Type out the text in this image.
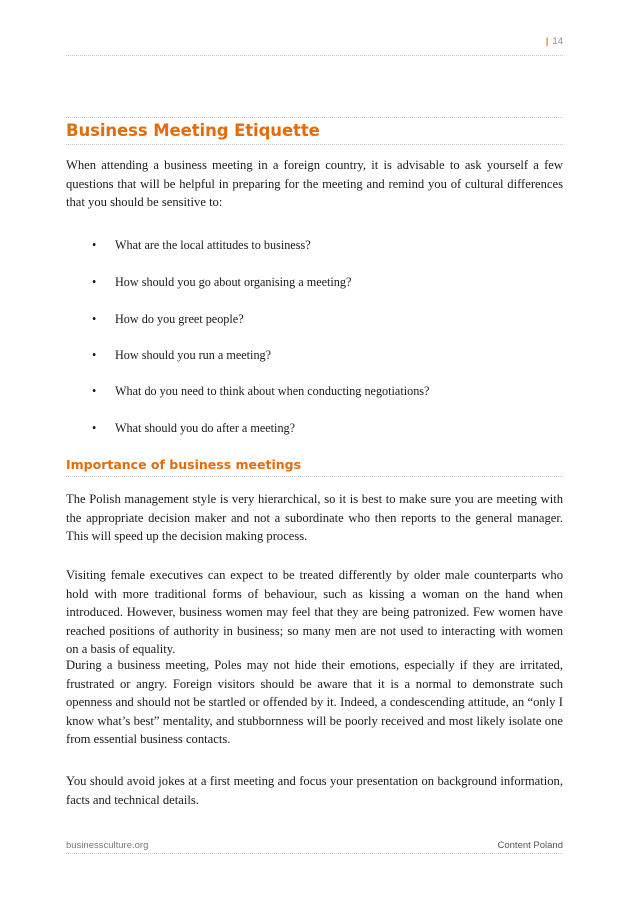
| 14
Business Meeting Etiquette

When attending a business meeting in a foreign country, it is advisable to ask yourself a few questions that will be helpful in preparing for the meeting and remind you of cultural differences that you should be sensitive to:

• What are the local attitudes to business?
• How should you go about organising a meeting?
• How do you greet people?
• How should you run a meeting?
• What do you need to think about when conducting negotiations?
• What should you do after a meeting?
Importance of business meetings

The Polish management style is very hierarchical, so it is best to make sure you are meeting with the appropriate decision maker and not a subordinate who then reports to the general manager. This will speed up the decision making process.

Visiting female executives can expect to be treated differently by older male counterparts who hold with more traditional forms of behaviour, such as kissing a woman on the hand when introduced. However, business women may feel that they are being patronized. Few women have reached positions of authority in business; so many men are not used to interacting with women on a basis of equality.

During a business meeting, Poles may not hide their emotions, especially if they are irritated, frustrated or angry. Foreign visitors should be aware that it is a normal to demonstrate such openness and should not be startled or offended by it. Indeed, a condescending attitude, an “only I know what’s best” mentality, and stubbornness will be poorly received and most likely isolate one from essential business contacts.

You should avoid jokes at a first meeting and focus your presentation on background information, facts and technical details.

businessculture.org	Content Poland
